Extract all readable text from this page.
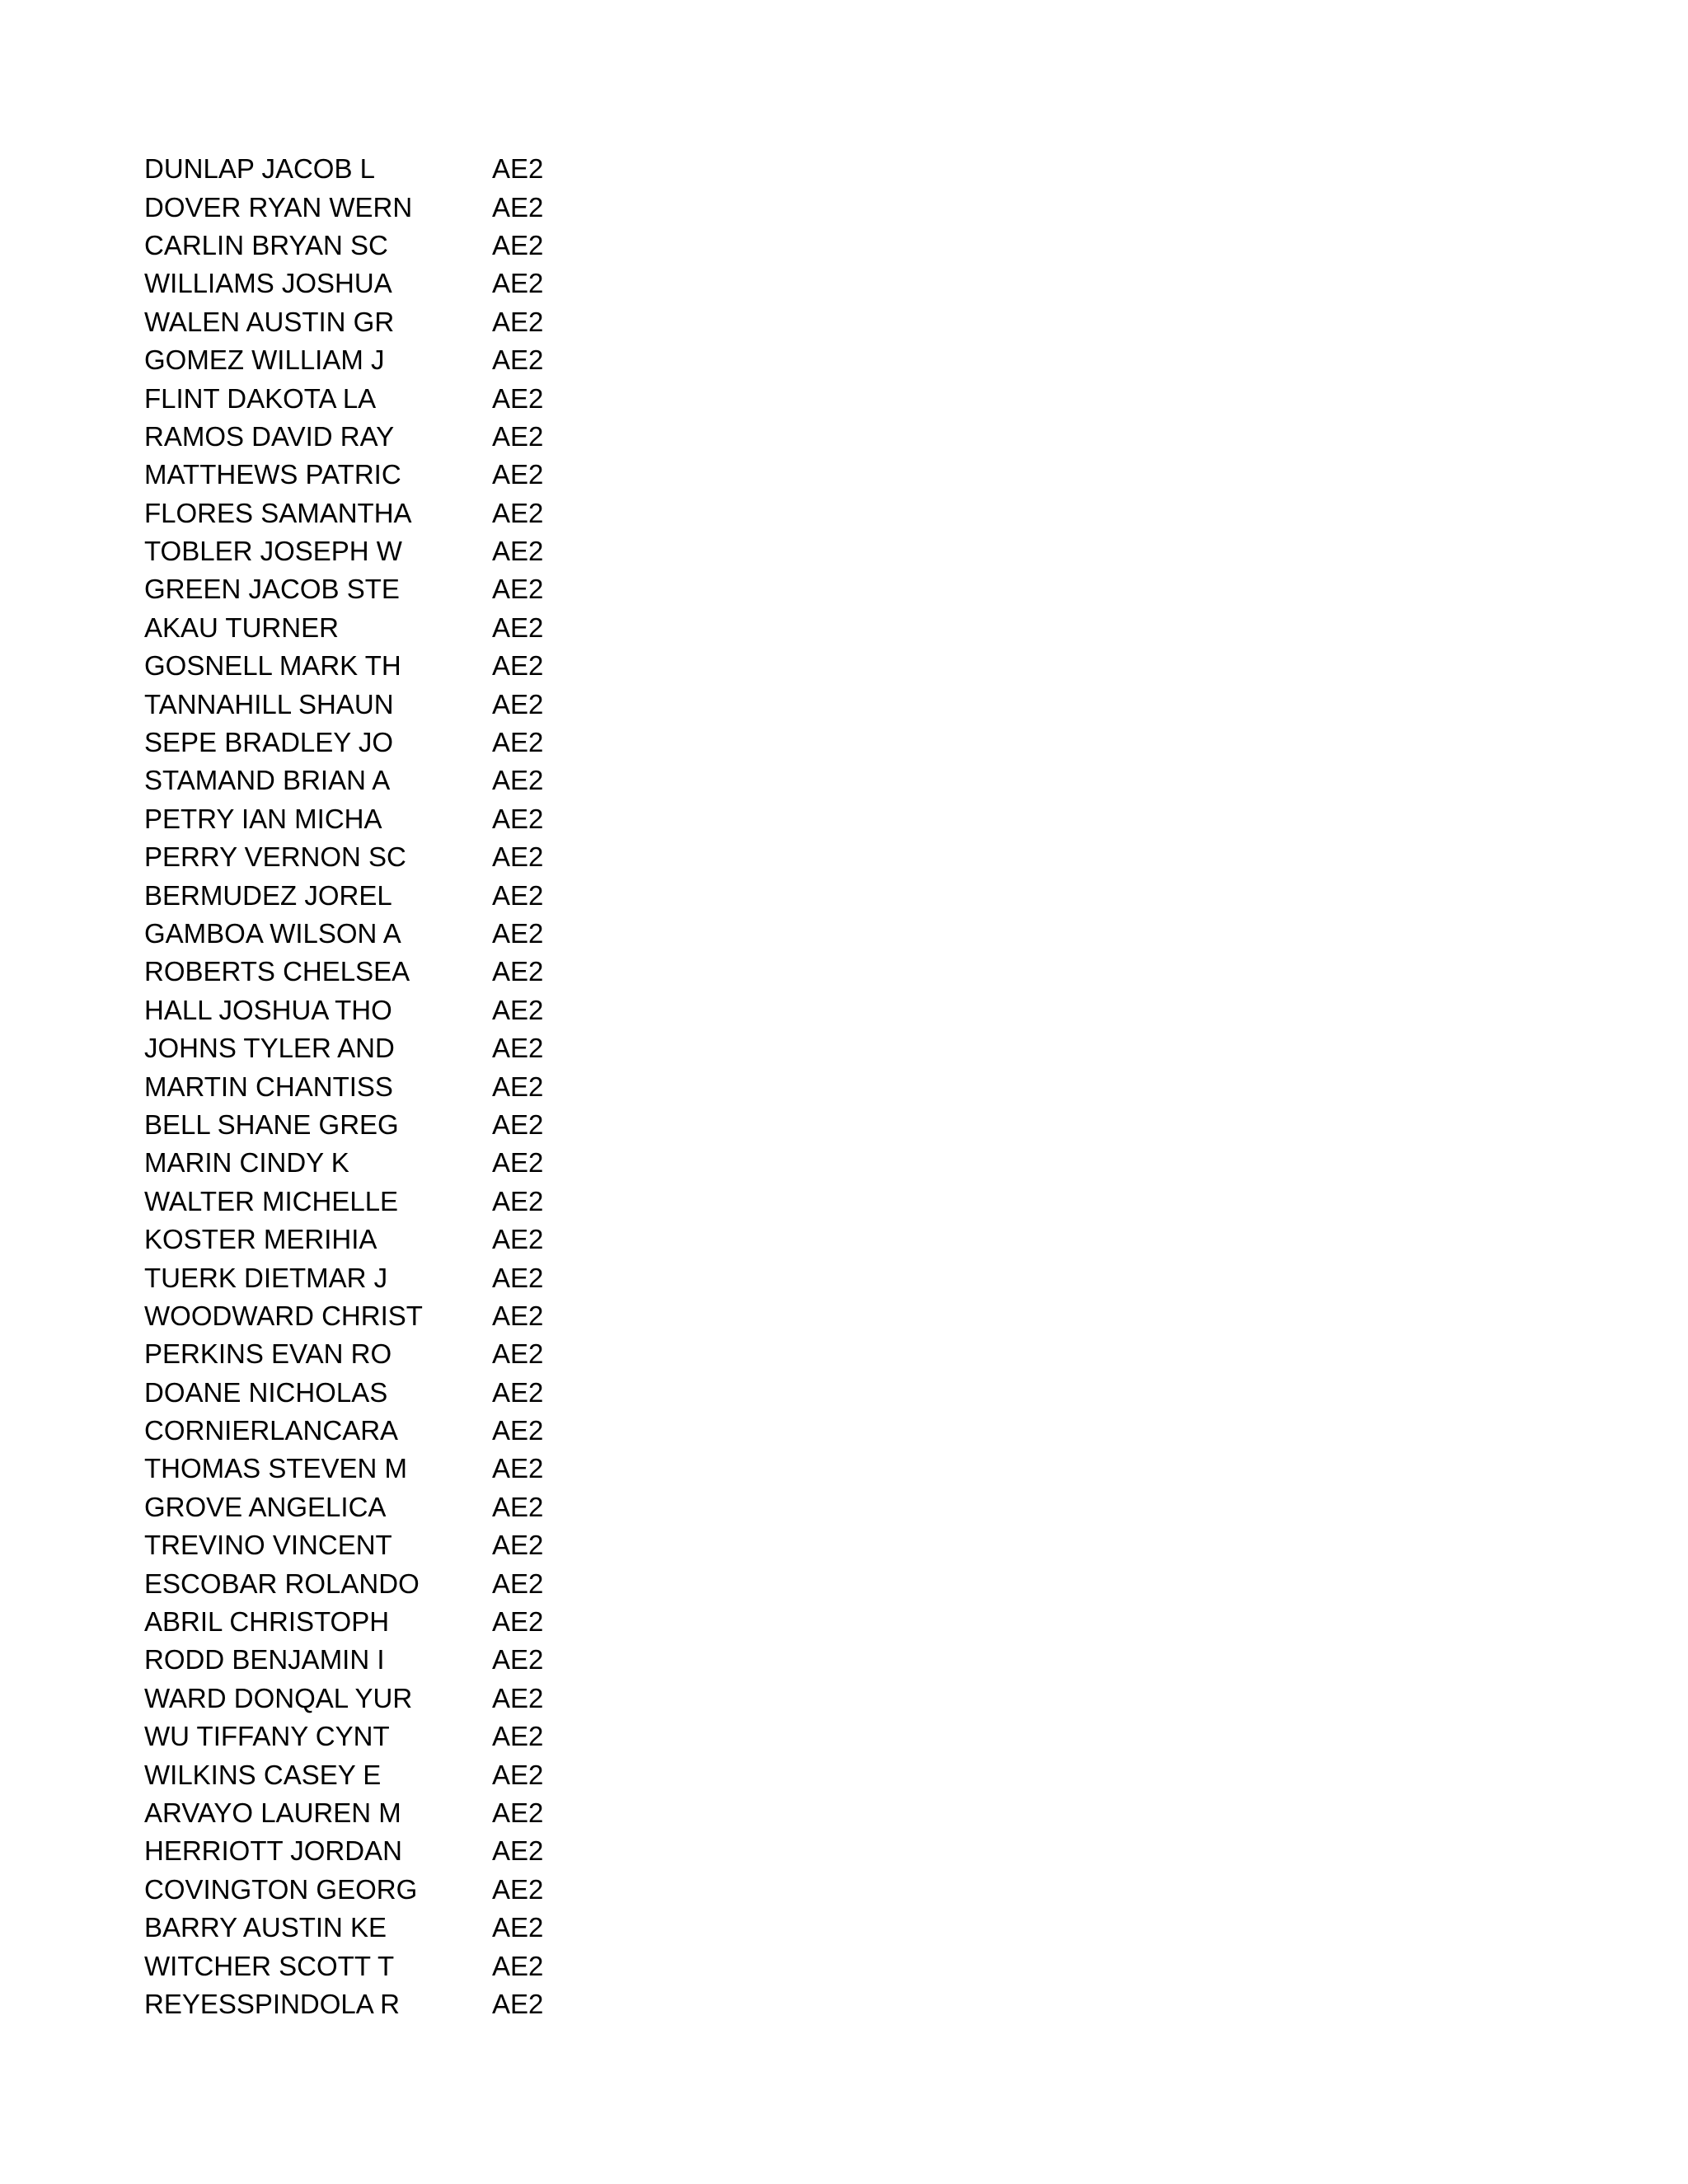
DUNLAP JACOB L	AE2
DOVER RYAN WERN	AE2
CARLIN BRYAN SC	AE2
WILLIAMS JOSHUA	AE2
WALEN AUSTIN GR	AE2
GOMEZ WILLIAM J	AE2
FLINT DAKOTA LA	AE2
RAMOS DAVID RAY	AE2
MATTHEWS PATRIC	AE2
FLORES SAMANTHA	AE2
TOBLER JOSEPH W	AE2
GREEN JACOB STE	AE2
AKAU TURNER	AE2
GOSNELL MARK TH	AE2
TANNAHILL SHAUN	AE2
SEPE BRADLEY JO	AE2
STAMAND BRIAN A	AE2
PETRY IAN MICHA	AE2
PERRY VERNON SC	AE2
BERMUDEZ JOREL	AE2
GAMBOA WILSON A	AE2
ROBERTS CHELSEA	AE2
HALL JOSHUA THO	AE2
JOHNS TYLER AND	AE2
MARTIN CHANTISS	AE2
BELL SHANE GREG	AE2
MARIN CINDY K	AE2
WALTER MICHELLE	AE2
KOSTER MERIHIA	AE2
TUERK DIETMAR J	AE2
WOODWARD CHRIST	AE2
PERKINS EVAN RO	AE2
DOANE NICHOLAS	AE2
CORNIERLANCARA	AE2
THOMAS STEVEN M	AE2
GROVE ANGELICA	AE2
TREVINO VINCENT	AE2
ESCOBAR ROLANDO	AE2
ABRIL CHRISTOPH	AE2
RODD BENJAMIN I	AE2
WARD DONQAL YUR	AE2
WU TIFFANY CYNT	AE2
WILKINS CASEY E	AE2
ARVAYO LAUREN M	AE2
HERRIOTT JORDAN	AE2
COVINGTON GEORG	AE2
BARRY AUSTIN KE	AE2
WITCHER SCOTT T	AE2
REYESSPINDOLA R	AE2
